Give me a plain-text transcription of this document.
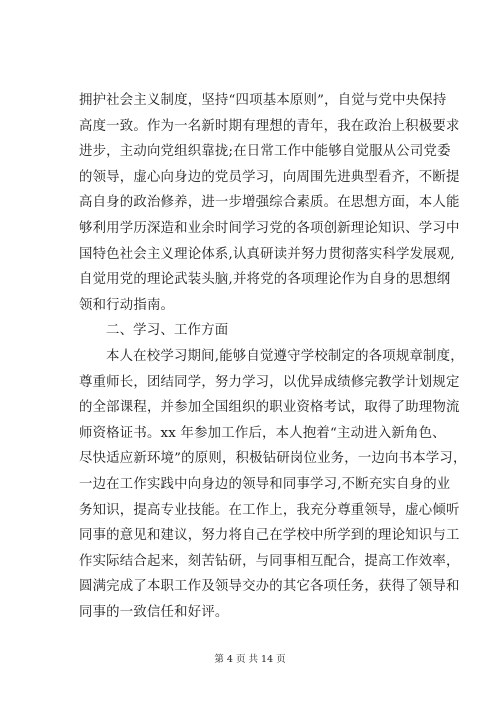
拥护社会主义制度，坚持“四项基本原则”，自觉与党中央保持
高度一致。作为一名新时期有理想的青年，我在政治上积极要求
进步，主动向党组织靠拢;在日常工作中能够自觉服从公司党委
的领导，虚心向身边的党员学习，向周围先进典型看齐，不断提
高自身的政治修养，进一步增强综合素质。在思想方面，本人能
够利用学历深造和业余时间学习党的各项创新理论知识、学习中
国特色社会主义理论体系,认真研读并努力贯彻落实科学发展观,
自觉用党的理论武装头脑,并将党的各项理论作为自身的思想纲
领和行动指南。
二、学习、工作方面
本人在校学习期间,能够自觉遵守学校制定的各项规章制度，
尊重师长，团结同学，努力学习，以优异成绩修完教学计划规定
的全部课程，并参加全国组织的职业资格考试，取得了助理物流
师资格证书。xx 年参加工作后，本人抱着“主动进入新角色、
尽快适应新环境”的原则，积极钻研岗位业务，一边向书本学习，
一边在工作实践中向身边的领导和同事学习,不断充实自身的业
务知识，提高专业技能。在工作上，我充分尊重领导，虚心倾听
同事的意见和建议，努力将自己在学校中所学到的理论知识与工
作实际结合起来，刻苦钻研，与同事相互配合，提高工作效率，
圆满完成了本职工作及领导交办的其它各项任务，获得了领导和
同事的一致信任和好评。
第 4 页 共 14 页
